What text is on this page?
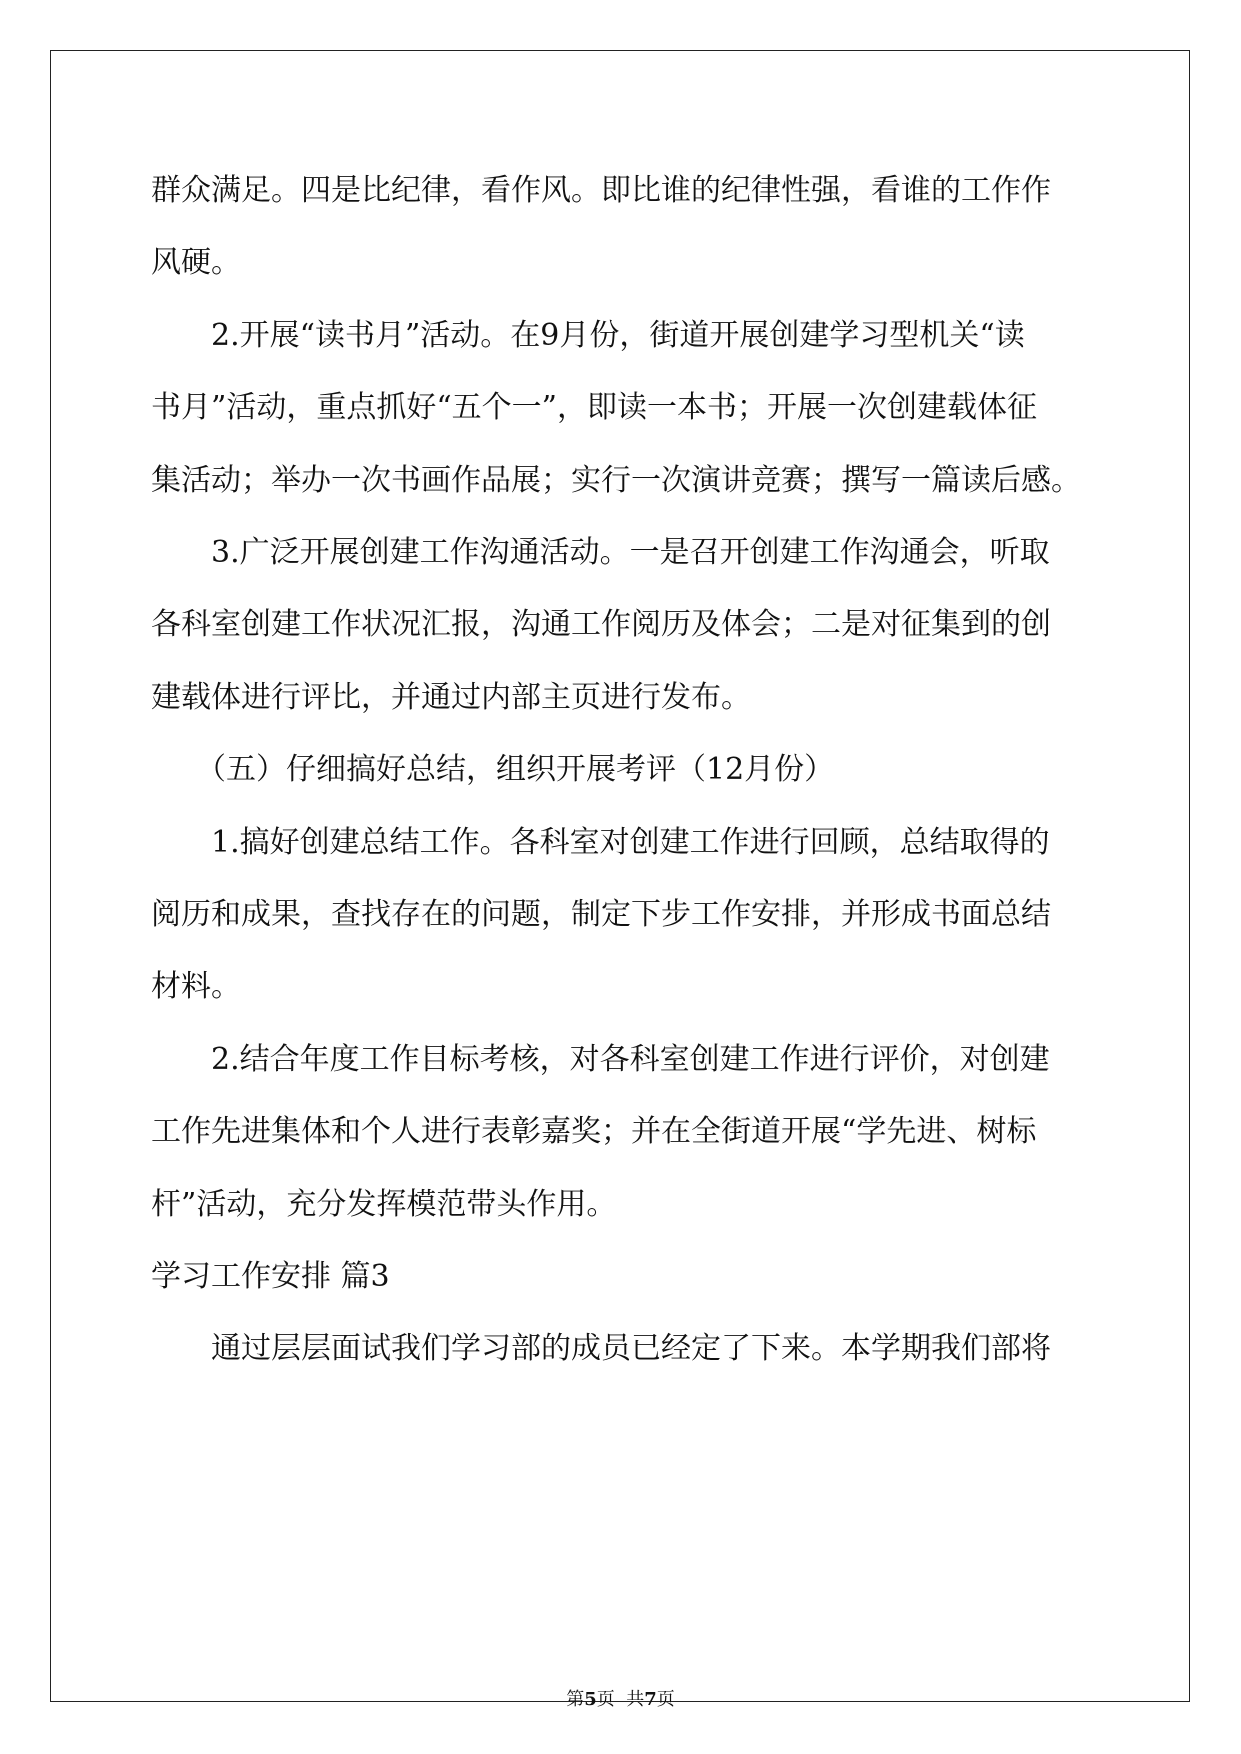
群众满足。四是比纪律，看作风。即比谁的纪律性强，看谁的工作作
风硬。
2.开展“读书月”活动。在9月份，街道开展创建学习型机关“读
书月”活动，重点抓好“五个一”，即读一本书；开展一次创建载体征
集活动；举办一次书画作品展；实行一次演讲竞赛；撰写一篇读后感。
3.广泛开展创建工作沟通活动。一是召开创建工作沟通会，听取
各科室创建工作状况汇报，沟通工作阅历及体会；二是对征集到的创
建载体进行评比，并通过内部主页进行发布。
（五）仔细搞好总结，组织开展考评（12月份）
1.搞好创建总结工作。各科室对创建工作进行回顾，总结取得的
阅历和成果，查找存在的问题，制定下步工作安排，并形成书面总结
材料。
2.结合年度工作目标考核，对各科室创建工作进行评价，对创建
工作先进集体和个人进行表彰嘉奖；并在全街道开展“学先进、树标
杆”活动，充分发挥模范带头作用。
学习工作安排 篇3
通过层层面试我们学习部的成员已经定了下来。本学期我们部将
第5页  共7页
